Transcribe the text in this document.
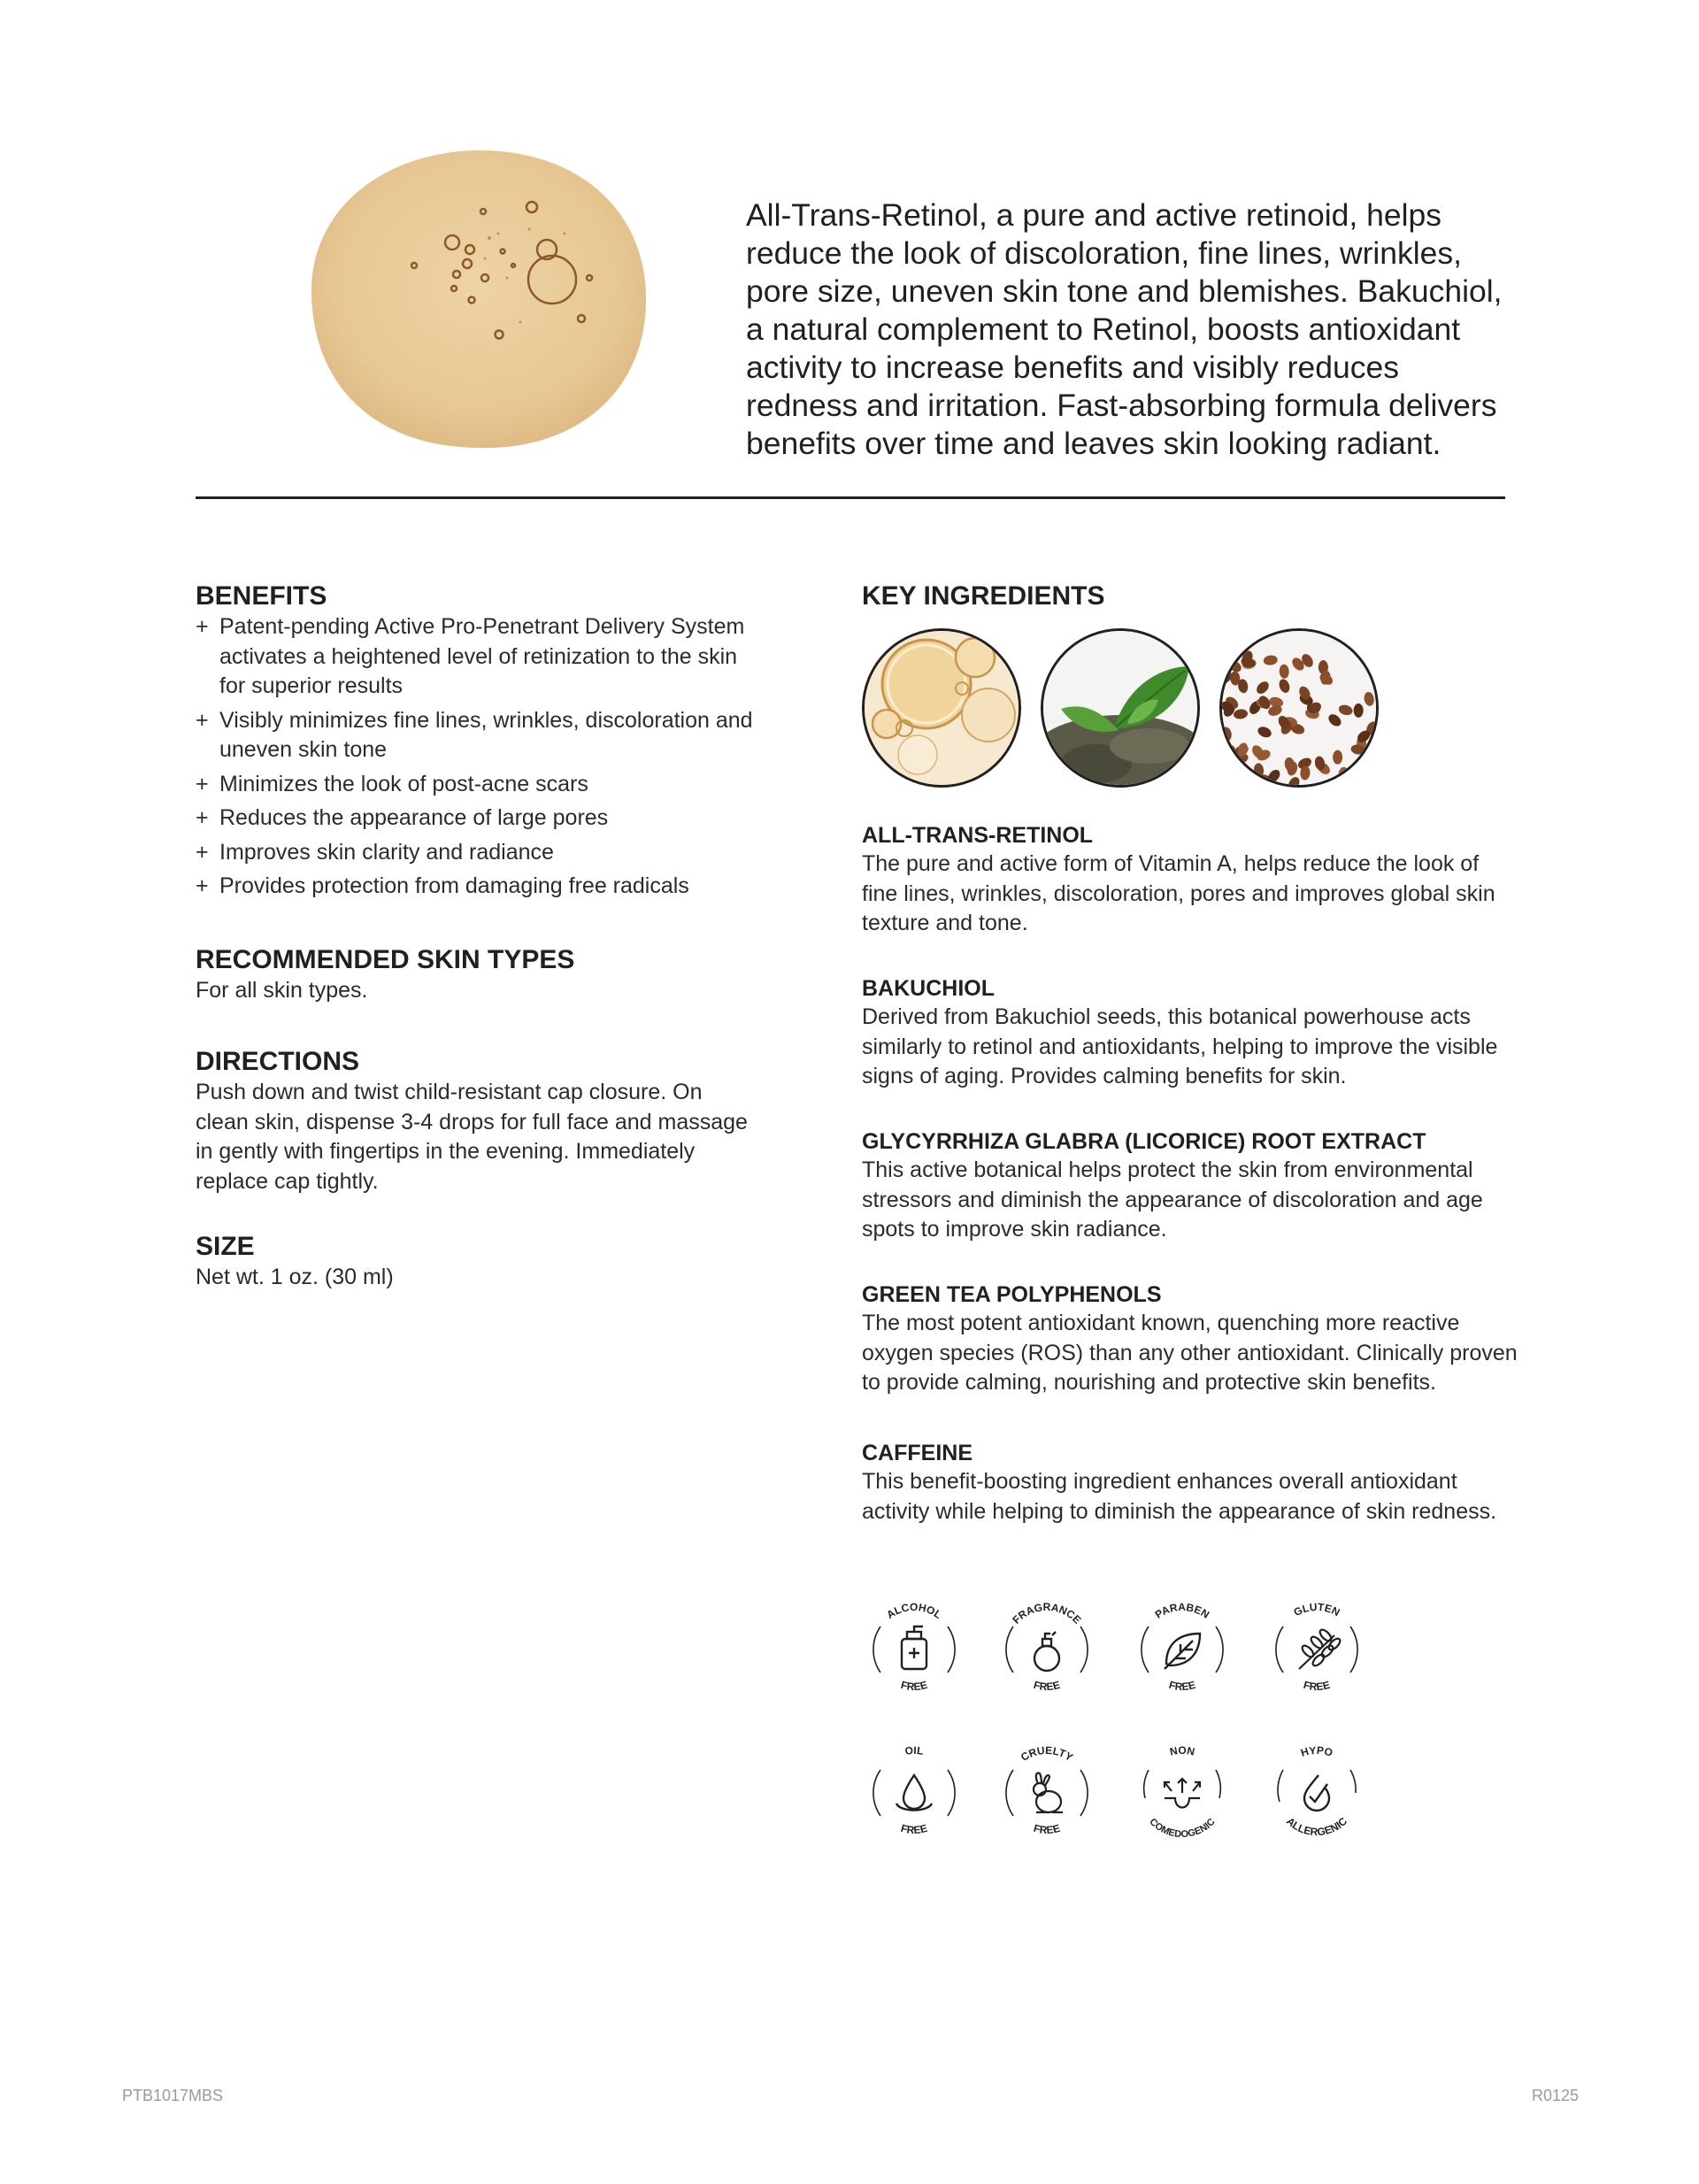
All-Trans-Retinol, a pure and active retinoid, helps
reduce the look of discoloration, fine lines, wrinkles,
pore size, uneven skin tone and blemishes. Bakuchiol,
a natural complement to Retinol, boosts antioxidant
activity to increase benefits and visibly reduces
redness and irritation. Fast-absorbing formula delivers
benefits over time and leaves skin looking radiant.
BENEFITS
+ Patent-pending Active Pro-Penetrant Delivery System
activates a heightened level of retinization to the skin
for superior results
+ Visibly minimizes fine lines, wrinkles, discoloration and
uneven skin tone
+ Minimizes the look of post-acne scars
+ Reduces the appearance of large pores
+ Improves skin clarity and radiance
+ Provides protection from damaging free radicals
RECOMMENDED SKIN TYPES
For all skin types.
DIRECTIONS
Push down and twist child-resistant cap closure. On
clean skin, dispense 3-4 drops for full face and massage
in gently with fingertips in the evening. Immediately
replace cap tightly.
SIZE
Net wt. 1 oz. (30 ml)
KEY INGREDIENTS
ALL-TRANS-RETINOL
The pure and active form of Vitamin A, helps reduce the look of
fine lines, wrinkles, discoloration, pores and improves global skin
texture and tone.
BAKUCHIOL
Derived from Bakuchiol seeds, this botanical powerhouse acts
similarly to retinol and antioxidants, helping to improve the visible
signs of aging. Provides calming benefits for skin.
GLYCYRRHIZA GLABRA (LICORICE) ROOT EXTRACT
This active botanical helps protect the skin from environmental
stressors and diminish the appearance of discoloration and age
spots to improve skin radiance.
GREEN TEA POLYPHENOLS
The most potent antioxidant known, quenching more reactive
oxygen species (ROS) than any other antioxidant. Clinically proven
to provide calming, nourishing and protective skin benefits.
CAFFEINE
This benefit-boosting ingredient enhances overall antioxidant
activity while helping to diminish the appearance of skin redness.
ALCOHOL
FREE
FRAGRANCE
FREE
PARABEN
FREE
GLUTEN
FREE
OIL
FREE
CRUELTY
FREE
NON
COMEDOGENIC
HYPO
ALLERGENIC
PTB1017MBS	R0125
